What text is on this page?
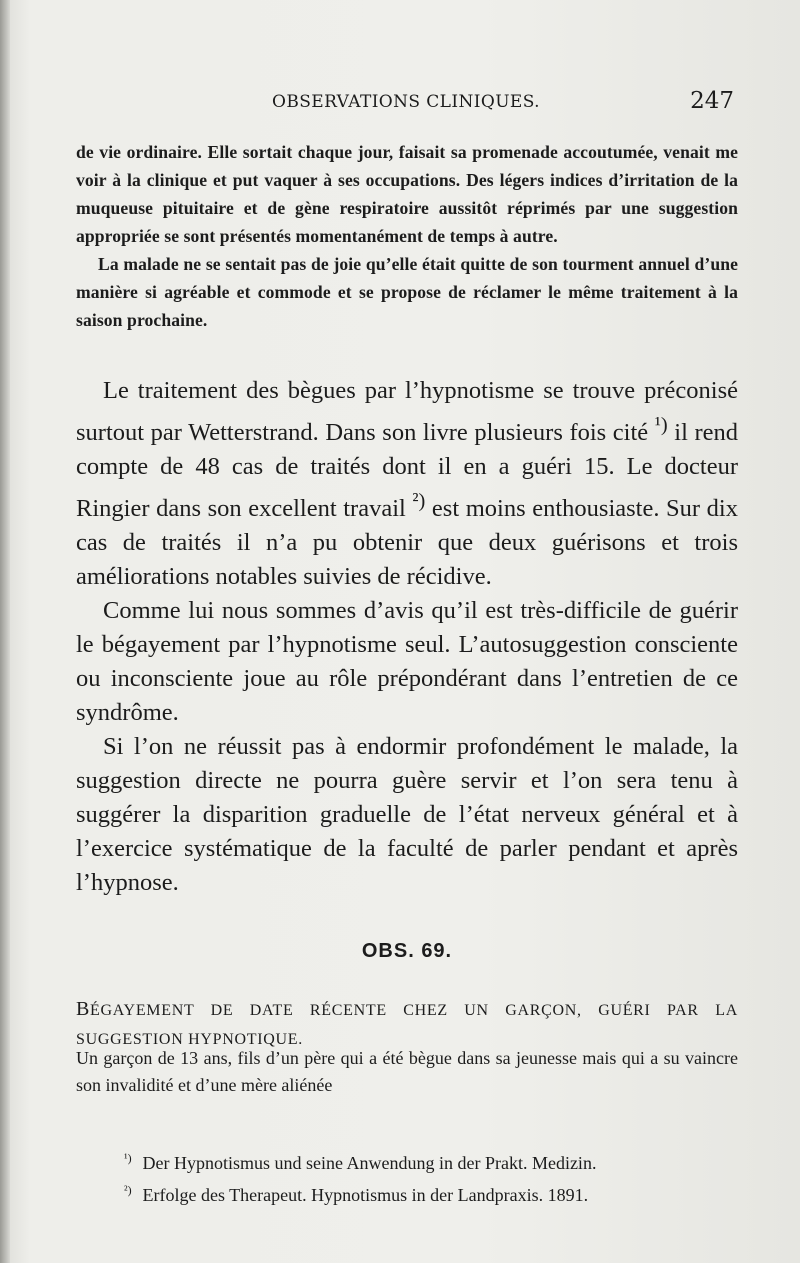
OBSERVATIONS CLINIQUES.	247

de vie ordinaire. Elle sortait chaque jour, faisait sa promenade accoutumée, venait me voir à la clinique et put vaquer à ses occupations. Des légers indices d’irritation de la muqueuse pituitaire et de gène respiratoire aussitôt réprimés par une suggestion appropriée se sont présentés momentanément de temps à autre.

La malade ne se sentait pas de joie qu’elle était quitte de son tourment annuel d’une manière si agréable et commode et se propose de réclamer le même traitement à la saison prochaine.

Le traitement des bègues par l’hypnotisme se trouve préconisé surtout par Wetterstrand. Dans son livre plusieurs fois cité $^{^1)}$ il rend compte de 48 cas de traités dont il en a guéri 15. Le docteur Ringier dans son excellent travail $^{^2)}$ est moins enthousiaste. Sur dix cas de traités il n’a pu obtenir que deux guérisons et trois améliorations notables suivies de récidive.

Comme lui nous sommes d’avis qu’il est très-difficile de guérir le bégayement par l’hypnotisme seul. L’autosuggestion consciente ou inconsciente joue au rôle prépondérant dans l’entretien de ce syndrôme.

Si l’on ne réussit pas à endormir profondément le malade, la suggestion directe ne pourra guère servir et l’on sera tenu à suggérer la disparition graduelle de l’état nerveux général et à l’exercice systématique de la faculté de parler pendant et après l’hypnose.

OBS. 69.
BÉGAYEMENT DE DATE RÉCENTE CHEZ UN GARÇON, GUÉRI PAR LA SUGGESTION HYPNOTIQUE.
Un garçon de 13 ans, fils d’un père qui a été bègue dans sa jeunesse mais qui a su vaincre son invalidité et d’une mère aliénée
¹) Der Hypnotismus und seine Anwendung in der Prakt. Medizin.
²) Erfolge des Therapeut. Hypnotismus in der Landpraxis. 1891.
